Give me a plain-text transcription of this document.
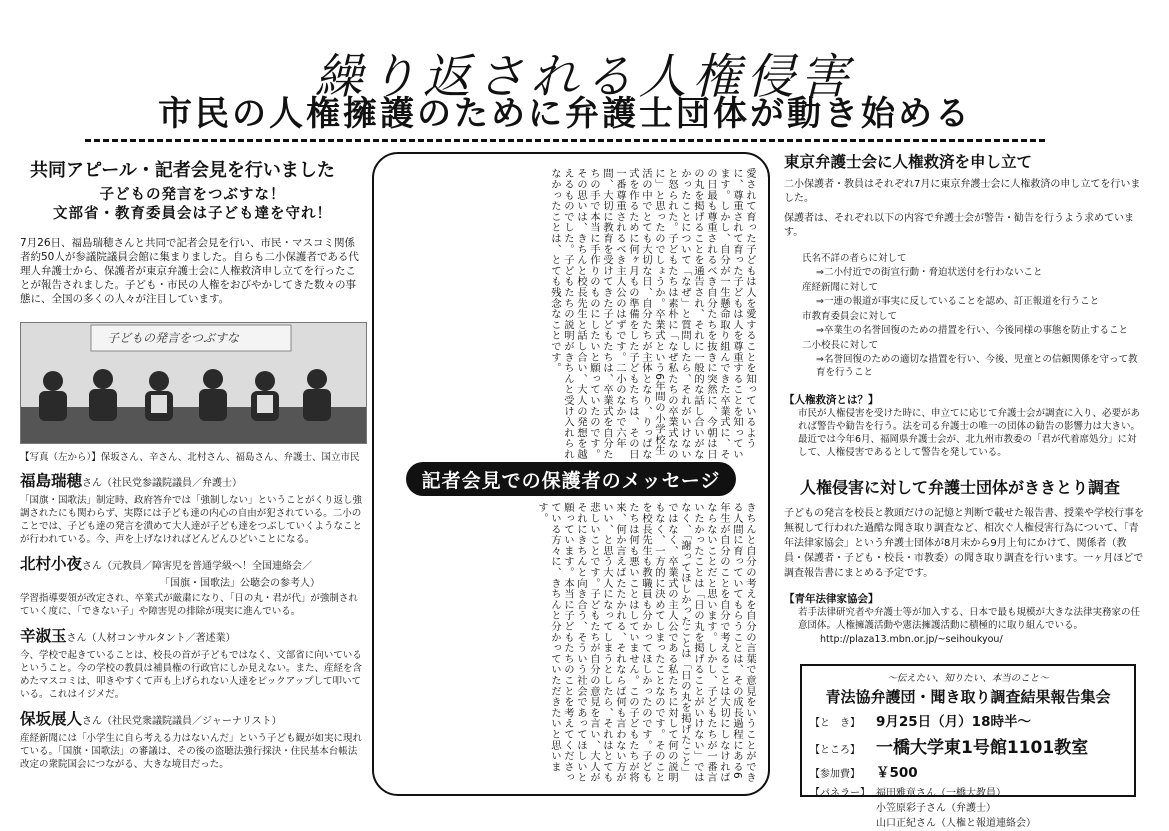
繰り返される人権侵害
市民の人権擁護のために弁護士団体が動き始める
共同アピール・記者会見を行いました
子どもの発言をつぶすな！
文部省・教育委員会は子ども達を守れ！
7月26日、福島瑞穂さんと共同で記者会見を行い、市民・マスコミ関係者約50人が参議院議員会館に集まりました。自らも二小保護者である代理人弁護士から、保護者が東京弁護士会に人権救済申し立てを行ったことが報告されました。子ども・市民の人権をおびやかしてきた数々の事態に、全国の多くの人々が注目しています。
子どもの発言をつぶすな
【写真（左から）】保坂さん、辛さん、北村さん、福島さん、弁護士、国立市民
福島瑞穂さん（社民党参議院議員／弁護士）
「国旗・国歌法」制定時、政府答弁では「強制しない」ということがくり返し強調されたにも関わらず、実際には子ども達の内心の自由が犯されている。二小のことでは、子ども達の発言を潰めて大人達が子ども達をつぶしていくようなことが行われている。今、声を上げなければどんどんひどいことになる。
北村小夜さん（元教員／障害児を普通学級へ！全国連絡会／
「国旗・国歌法」公聴会の参考人）
学習指導要領が改定され、卒業式が厳粛になり、「日の丸・君が代」が強制されていく度に、「できない子」や障害児の排除が現実に進んでいる。
辛淑玉さん（人材コンサルタント／著述業）
今、学校で起きていることは、校長の首が子どもではなく、文部省に向いているということ。今の学校の教員は補員権の行政官にしか見えない。また、産経を含めたマスコミは、叩きやすくて声も上げられない人達をピックアップして叩いている。これはイジメだ。
保坂展人さん（社民党衆議院議員／ジャーナリスト）
産経新聞には「小学生に自ら考える力はないんだ」という子ども観が如実に現れている。「国旗・国歌法」の審議は、その後の盗聴法強行採決・住民基本台帳法改定の衆院国会につながる、大きな境目だった。
愛されて育った子どもは人を愛することを知っているように、尊重されて育った子どもは人を尊重することを知っています。しかし、自分が一生懸命取り組んできた卒業式に、その日最も尊重されるべき自分たちを抜きに突然に、今朝は日の丸を掲げることを通告され、それに一般的な話し合いがなかったことについて「なぜ」と質問したら、それがいけないと怒られた。子どもたちは素朴に「なぜ私たちの卒業式なのに」と思ったのでしょうか。卒業式という6年間の小学校生活の中でとても大切な日、自分たちが主体となり、りっぱな式を作るために何ヶ月もの準備をした子どもたちは、その日一番尊重されるべき主人公のはずです。二小のなかで六年間、大切に教育を受けてきた子どもたちは、卒業式を自分たちの手で本当に手作りのものにしたいと願っていたのです。その思いは、きちんと校長先生と話し合い、大人の発想を越えるものでした。子どもたちの説明がきちんと受け入れられなかったことは、とても残念なことです。
記者会見での保護者のメッセージ
きちんと自分の考えを自分の言葉で意見をいうことができる人間に育っていてもらうことは、その成長過程にある6年生が自分のことを自分で考えることは大切にしなければならないことだと思います。しかし、子どもたちが一番言いたかったことは「日の丸を掲げることがいけない」ではなく、「謝ってほしかったことは「日の丸を掲げたこと」ではなく、卒業式の主人公である私たちに対して何の説明もなく、一方的に決めてしまったことなのです。そのことを校長先生も教職員も分かってほしかったのです。子どもたちは何も悪いことはしていません。この子どもたちが将来、何か言えばたたかれる、それならば何も言わない方がいい、と思う大人になってしまうとしたら、それはとても悲しいことです。子どもたちが自分の意見を言い、大人がそれにきちんと向き合う、そういう社会であってほしいと願っています。本当に子どもたちのことを考えてくださっている方々に、きちんと分かっていただきたいと思います。
東京弁護士会に人権救済を申し立て
二小保護者・教員はそれぞれ7月に東京弁護士会に人権救済の申し立てを行いました。
保護者は、それぞれ以下の内容で弁護士会が警告・勧告を行うよう求めています。
氏名不詳の者らに対して
⇒二小付近での街宣行動・脅迫状送付を行わないこと
産経新聞に対して
⇒一連の報道が事実に反していることを認め、訂正報道を行うこと
市教育委員会に対して
⇒卒業生の名誉回復のための措置を行い、今後同様の事態を防止すること
二小校長に対して
⇒名誉回復のための適切な措置を行い、今後、児童との信頼関係を守って教育を行うこと
【人権救済とは？】
市民が人権侵害を受けた時に、申立てに応じて弁護士会が調査に入り、必要があれば警告や勧告を行う。法を司る弁護士の唯一の団体の勧告の影響力は大きい。最近では今年6月、福岡県弁護士会が、北九州市教委の「君が代着席処分」に対して、人権侵害であるとして警告を発している。
人権侵害に対して弁護士団体がききとり調査
子どもの発言を校長と教頭だけの記憶と判断で載せた報告書、授業や学校行事を無視して行われた過酷な聞き取り調査など、相次ぐ人権侵害行為について、「青年法律家協会」という弁護士団体が8月末から9月上旬にかけて、関係者（教員・保護者・子ども・校長・市教委）の聞き取り調査を行います。一ヶ月ほどで調査報告書にまとめる予定です。
【青年法律家協会】
若手法律研究者や弁護士等が加入する、日本で最も規模が大きな法律実務家の任意団体。人権擁護活動や憲法擁護活動に積極的に取り組んでいる。
http://plaza13.mbn.or.jp/~seihoukyou/
〜伝えたい、知りたい、本当のこと〜
青法協弁護団・聞き取り調査結果報告集会
【と　き】	9月25日（月）18時半〜
【ところ】 一橋大学東1号館1101教室
【参加費】	￥500
【パネラー】 福田雅章さん（一橋大教員）
小笠原彩子さん（弁護士）
山口正紀さん（人権と報道連絡会）
